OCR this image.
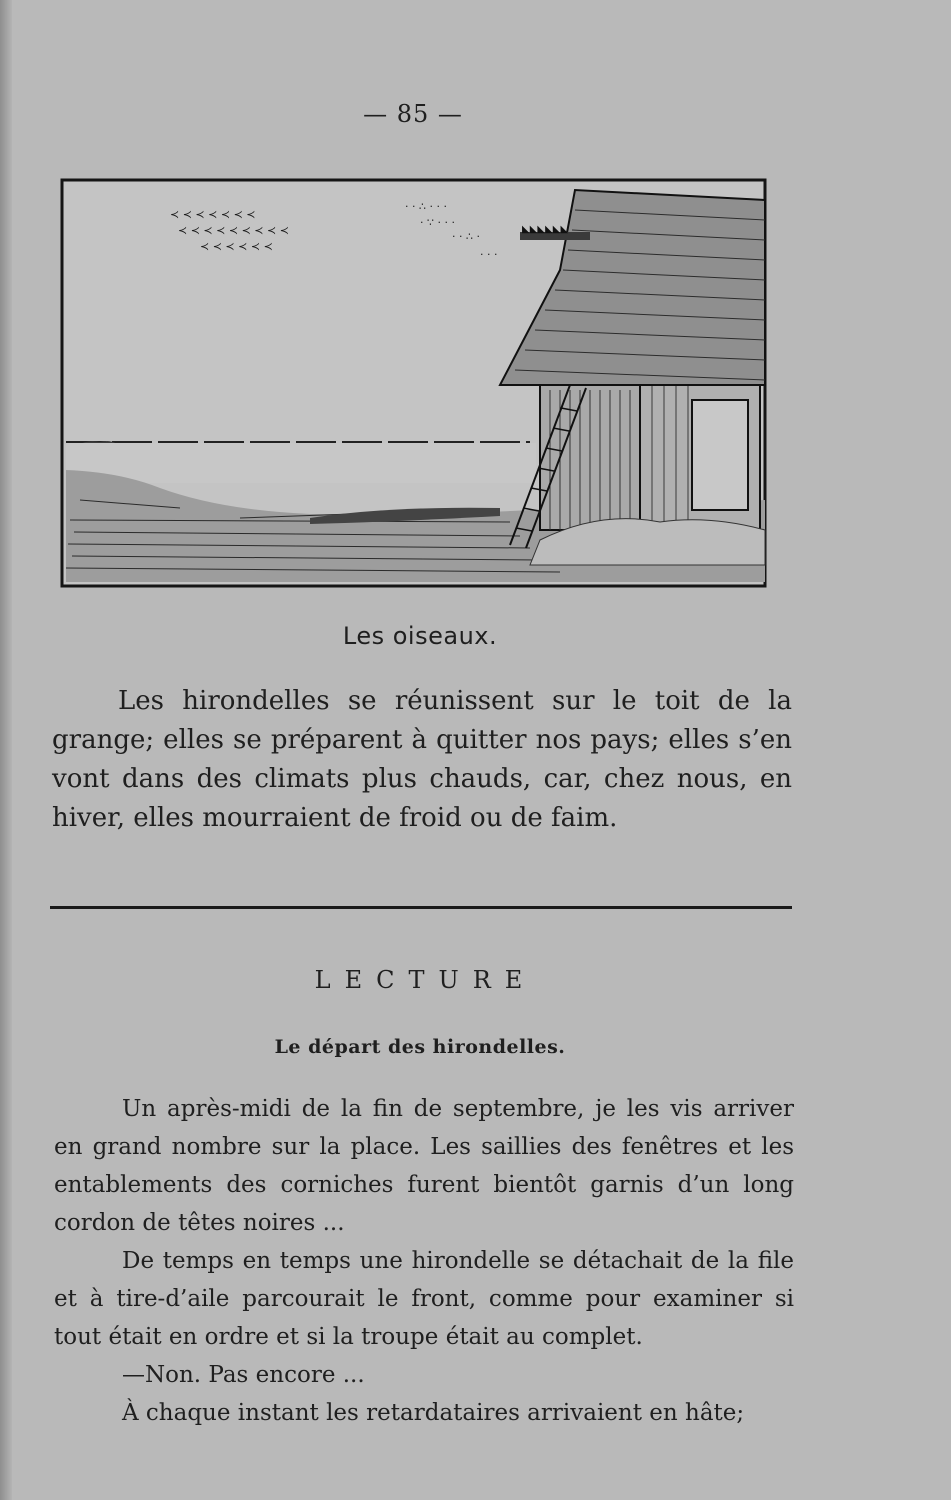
— 85 —
≺ ≺ ≺ ≺ ≺ ≺ ≺
≺ ≺ ≺ ≺ ≺ ≺ ≺ ≺ ≺
≺ ≺ ≺ ≺ ≺ ≺
· · ∴ · · ·
· ∵ · · ·
· · ∴ ·
· · ·
◣◣◣◣◣◣
Les oiseaux.

Les hirondelles se réunissent sur le toit de la grange; elles se préparent à quitter nos pays; elles s’en vont dans des climats plus chauds, car, chez nous, en hiver, elles mourraient de froid ou de faim.

LECTURE
Le départ des hirondelles.

Un après-midi de la fin de septembre, je les vis arriver en grand nombre sur la place. Les saillies des fenêtres et les entablements des corniches furent bientôt garnis d’un long cordon de têtes noires ...

De temps en temps une hirondelle se détachait de la file et à tire-d’aile parcourait le front, comme pour examiner si tout était en ordre et si la troupe était au complet.

—Non. Pas encore ...

À chaque instant les retardataires arrivaient en hâte;
